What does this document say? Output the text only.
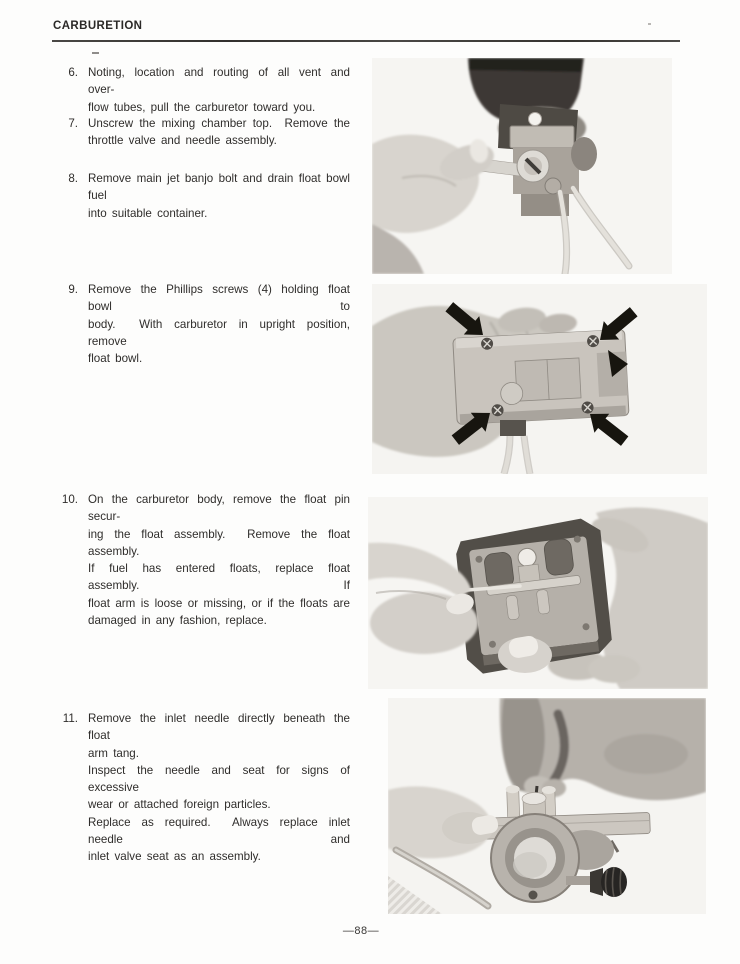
CARBURETION
6. Noting, location and routing of all vent and over-
flow tubes, pull the carburetor toward you.
7. Unscrew the mixing chamber top.  Remove the
throttle valve and needle assembly.
8. Remove main jet banjo bolt and drain float bowl fuel
into suitable container.
9. Remove the Phillips screws (4) holding float bowl to
body.  With carburetor in upright position, remove
float bowl.
10. On the carburetor body, remove the float pin secur-
ing the float assembly.  Remove the float assembly.
If fuel has entered floats, replace float assembly.  If
float arm is loose or missing, or if the floats are
damaged in any fashion, replace.
11. Remove the inlet needle directly beneath the float
arm tang.
Inspect the needle and seat for signs of excessive
wear or attached foreign particles.
Replace as required.  Always replace inlet needle and
inlet valve seat as an assembly.
—88—
